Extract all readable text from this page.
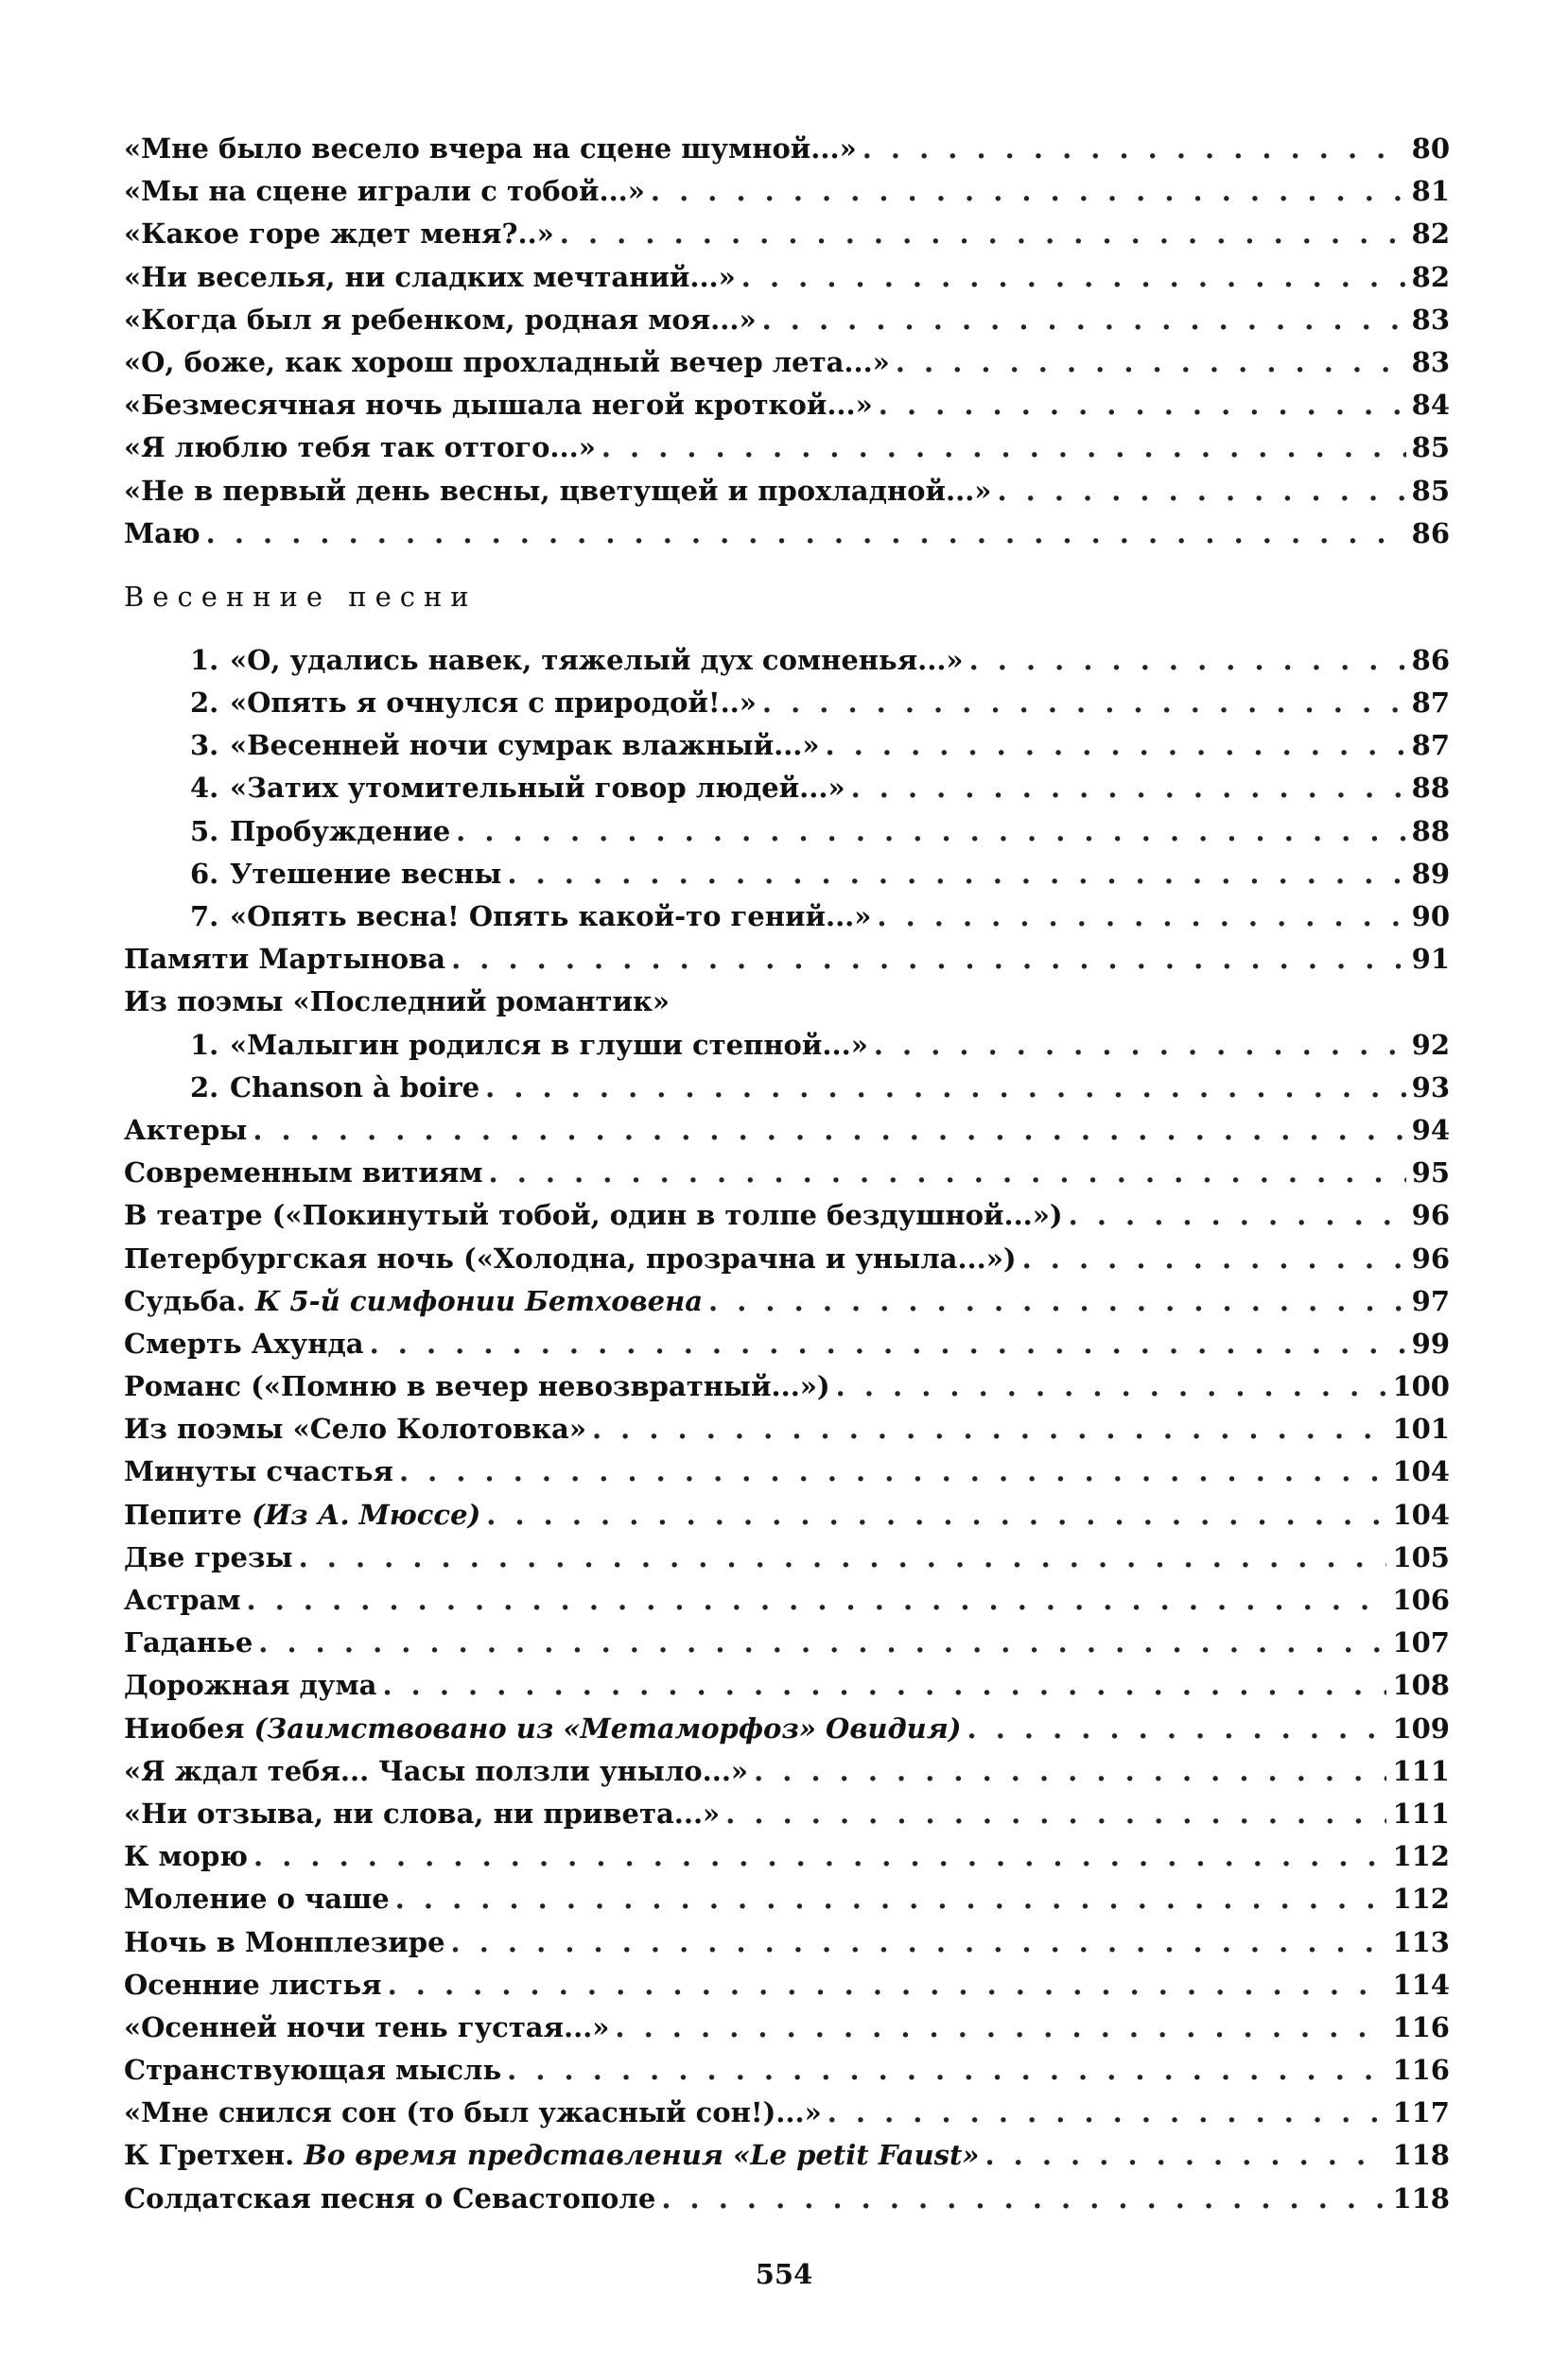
«Мне было весело вчера на сцене шумной...» . . .	80
«Мы на сцене играли с тобой...» . . .	81
«Какое горе ждет меня?..» . . .	82
«Ни веселья, ни сладких мечтаний...» . . .	82
«Когда был я ребенком, родная моя...» . . .	83
«О, боже, как хорош прохладный вечер лета...» . . .	83
«Безмесячная ночь дышала негой кроткой...» . . .	84
«Я люблю тебя так оттого...» . . .	85
«Не в первый день весны, цветущей и прохладной...» . . .	85
Маю . . .	86
Весенние песни
1. «О, удались навек, тяжелый дух сомненья...» . . .	86
2. «Опять я очнулся с природой!..» . . .	87
3. «Весенней ночи сумрак влажный...» . . .	87
4. «Затих утомительный говор людей...» . . .	88
5. Пробуждение . . .	88
6. Утешение весны . . .	89
7. «Опять весна! Опять какой-то гений...» . . .	90
Памяти Мартынова . . .	91
Из поэмы «Последний романтик»
1. «Малыгин родился в глуши степной...» . . .	92
2. Chanson à boire . . .	93
Актеры . . .	94
Современным витиям . . .	95
В театре («Покинутый тобой, один в толпе бездушной...») . . .	96
Петербургская ночь («Холодна, прозрачна и уныла...») . . .	96
Судьба. К 5-й симфонии Бетховена . . .	97
Смерть Ахунда . . .	99
Романс («Помню в вечер невозвратный...») . . .	100
Из поэмы «Село Колотовка» . . .	101
Минуты счастья . . .	104
Пепите (Из А. Мюссе) . . .	104
Две грезы . . .	105
Астрам . . .	106
Гаданье . . .	107
Дорожная дума . . .	108
Ниобея (Заимствовано из «Метаморфоз» Овидия) . . .	109
«Я ждал тебя... Часы ползли уныло...» . . .	111
«Ни отзыва, ни слова, ни привета...» . . .	111
К морю . . .	112
Моление о чаше . . .	112
Ночь в Монплезире . . .	113
Осенние листья . . .	114
«Осенней ночи тень густая...» . . .	116
Странствующая мысль . . .	116
«Мне снился сон (то был ужасный сон!)...» . . .	117
К Гретхен. Во время представления «Le petit Faust» . . .	118
Солдатская песня о Севастополе . . .	118
554
